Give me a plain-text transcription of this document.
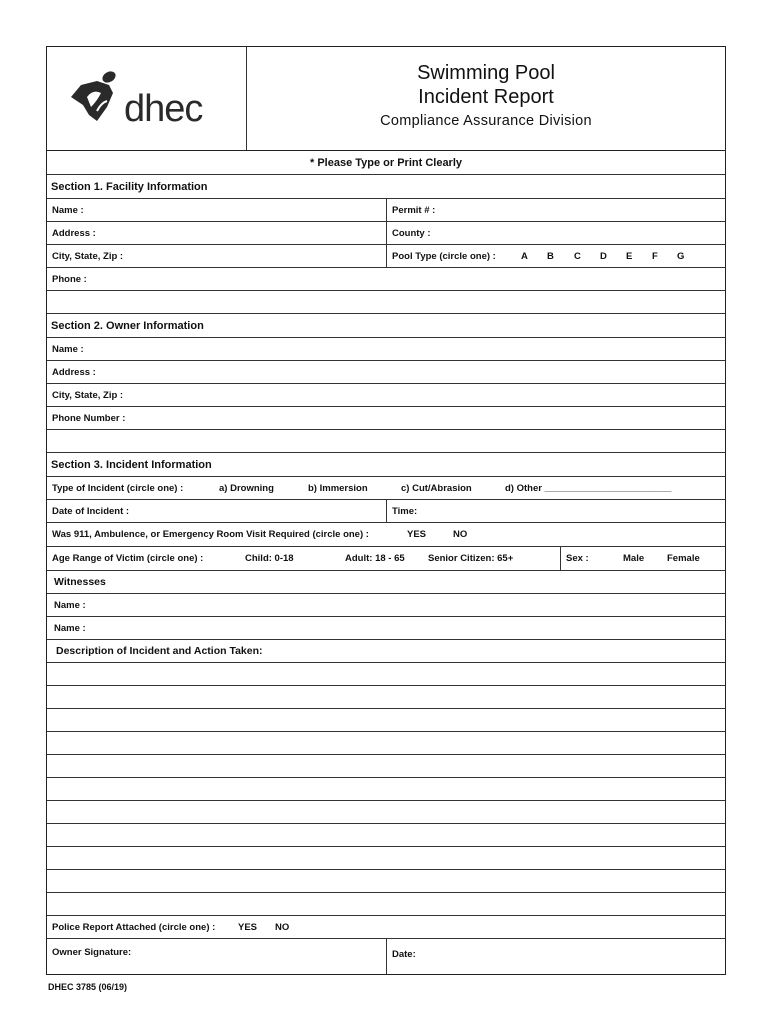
Swimming Pool
Incident Report
Compliance Assurance Division
* Please Type or Print Clearly
Section 1. Facility Information
Name :	Permit # :
Address :	County :
City, State, Zip :	Pool Type (circle one) :	A B C D E F G
Phone :
Section 2. Owner Information
Name :
Address :
City, State, Zip :
Phone Number :
Section 3. Incident Information
Type of Incident (circle one) :	a) Drowning	b) Immersion	c) Cut/Abrasion	d) Other ________________________
Date of Incident :	Time:
Was 911, Ambulence, or Emergency Room Visit Required (circle one) :	YES	NO
Age Range of Victim (circle one) :	Child: 0-18	Adult: 18 - 65 Senior Citizen: 65+	Sex :	Male Female
Witnesses
Name :
Name :
Description of Incident and Action Taken:
Police Report Attached (circle one) : YES NO
Owner Signature:	Date:
DHEC 3785 (06/19)
dhec
